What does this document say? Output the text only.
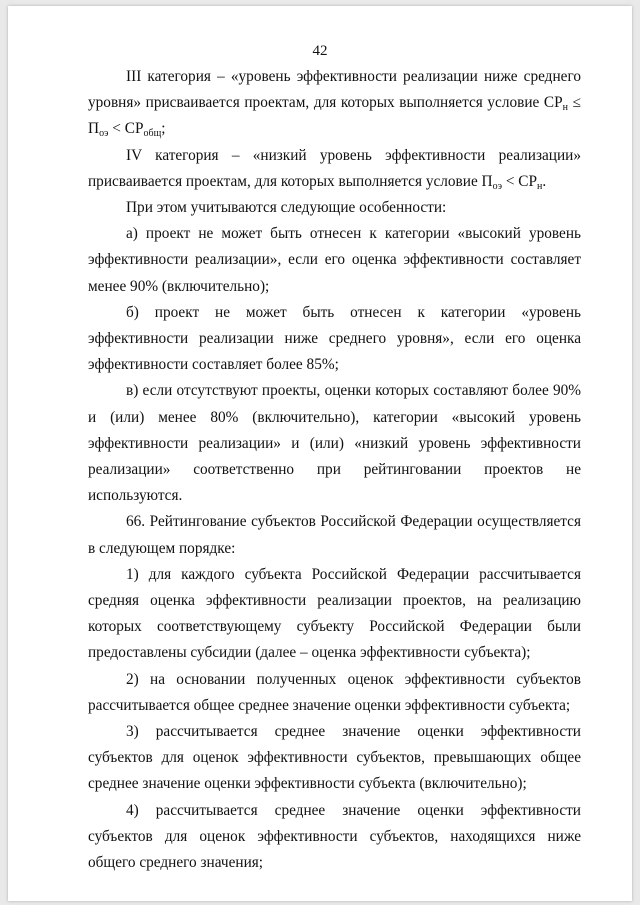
42

III категория – «уровень эффективности реализации ниже среднего уровня» присваивается проектам, для которых выполняется условие $СР_н \le П_{оэ} < СР_{общ}$;

IV категория – «низкий уровень эффективности реализации» присваивается проектам, для которых выполняется условие $П_{оэ} < СР_н$.

При этом учитываются следующие особенности:

а) проект не может быть отнесен к категории «высокий уровень эффективности реализации», если его оценка эффективности составляет менее 90% (включительно);

б) проект не может быть отнесен к категории «уровень эффективности реализации ниже среднего уровня», если его оценка эффективности составляет более 85%;

в) если отсутствуют проекты, оценки которых составляют более 90% и (или) менее 80% (включительно), категории «высокий уровень эффективности реализации» и (или) «низкий уровень эффективности реализации» соответственно при рейтинговании проектов не используются.

66. Рейтингование субъектов Российской Федерации осуществляется в следующем порядке:

1) для каждого субъекта Российской Федерации рассчитывается средняя оценка эффективности реализации проектов, на реализацию которых соответствующему субъекту Российской Федерации были предоставлены субсидии (далее – оценка эффективности субъекта);

2) на основании полученных оценок эффективности субъектов рассчитывается общее среднее значение оценки эффективности субъекта;

3) рассчитывается среднее значение оценки эффективности субъектов для оценок эффективности субъектов, превышающих общее среднее значение оценки эффективности субъекта (включительно);

4) рассчитывается среднее значение оценки эффективности субъектов для оценок эффективности субъектов, находящихся ниже общего среднего значения;
